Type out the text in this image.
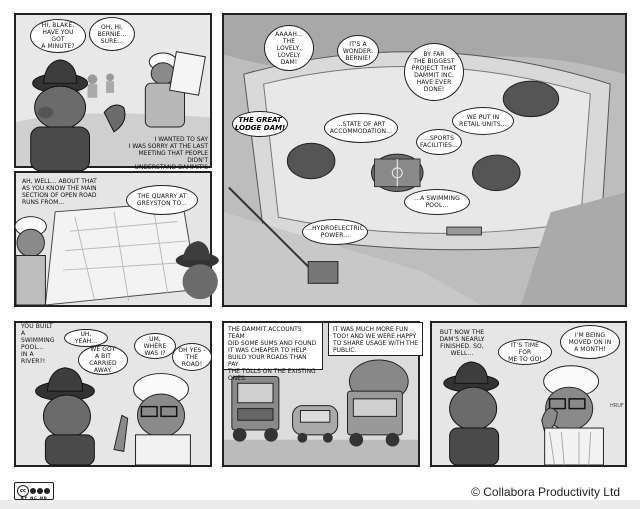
HI, BLAKE,
HAVE YOU GOT
A MINUTE?
OH, HI,
BERNIE...
SURE...
I WANTED TO SAY
I WAS SORRY AT THE LAST
MEETING THAT PEOPLE DIDN'T
UNDERSTAND DAMMIT'S
AAAAH...
THE LOVELY,
LOVELY
DAM!
IT'S A
WONDER,
BERNIE!	BY FAR
THE BIGGEST
PROJECT THAT
DAMMIT INC.
HAVE EVER
DONE!
WE PUT IN
RETAIL UNITS...
THE GREAT
LODGE DAM!	...STATE OF ART
ACCOMMODATION...
...SPORTS
FACILITIES...
...A SWIMMING
POOL...
...HYDROELECTRIC
POWER...
AH, WELL... ABOUT THAT
AS YOU KNOW THE MAIN
SECTION OF OPEN ROAD
RUNS FROM...
THE QUARRY AT
GREYSTON TO...
YOU BUILT
A SWIMMING
POOL...
IN A RIVER?!
UH, YEAH...
WE GOT
A BIT CARRIED
AWAY.
UM, WHERE
WAS I?	OH YES -
THE ROAD!
THE DAMMIT ACCOUNTS TEAM
DID SOME SUMS AND FOUND
IT WAS CHEAPER TO HELP
BUILD YOUR ROADS THAN PAY
THE TOLLS ON THE EXISTING
ONES.
IT WAS MUCH MORE FUN
TOO! AND WE WERE HAPPY
TO SHARE USAGE WITH THE
PUBLIC.
BUT NOW THE
DAM'S NEARLY
FINISHED. SO,
WELL...
IT'S TIME FOR
ME TO GO!
I'M BEING
MOVED ON IN
A MONTH!
HRUF
cc
BY NC ND	© Collabora Productivity Ltd
